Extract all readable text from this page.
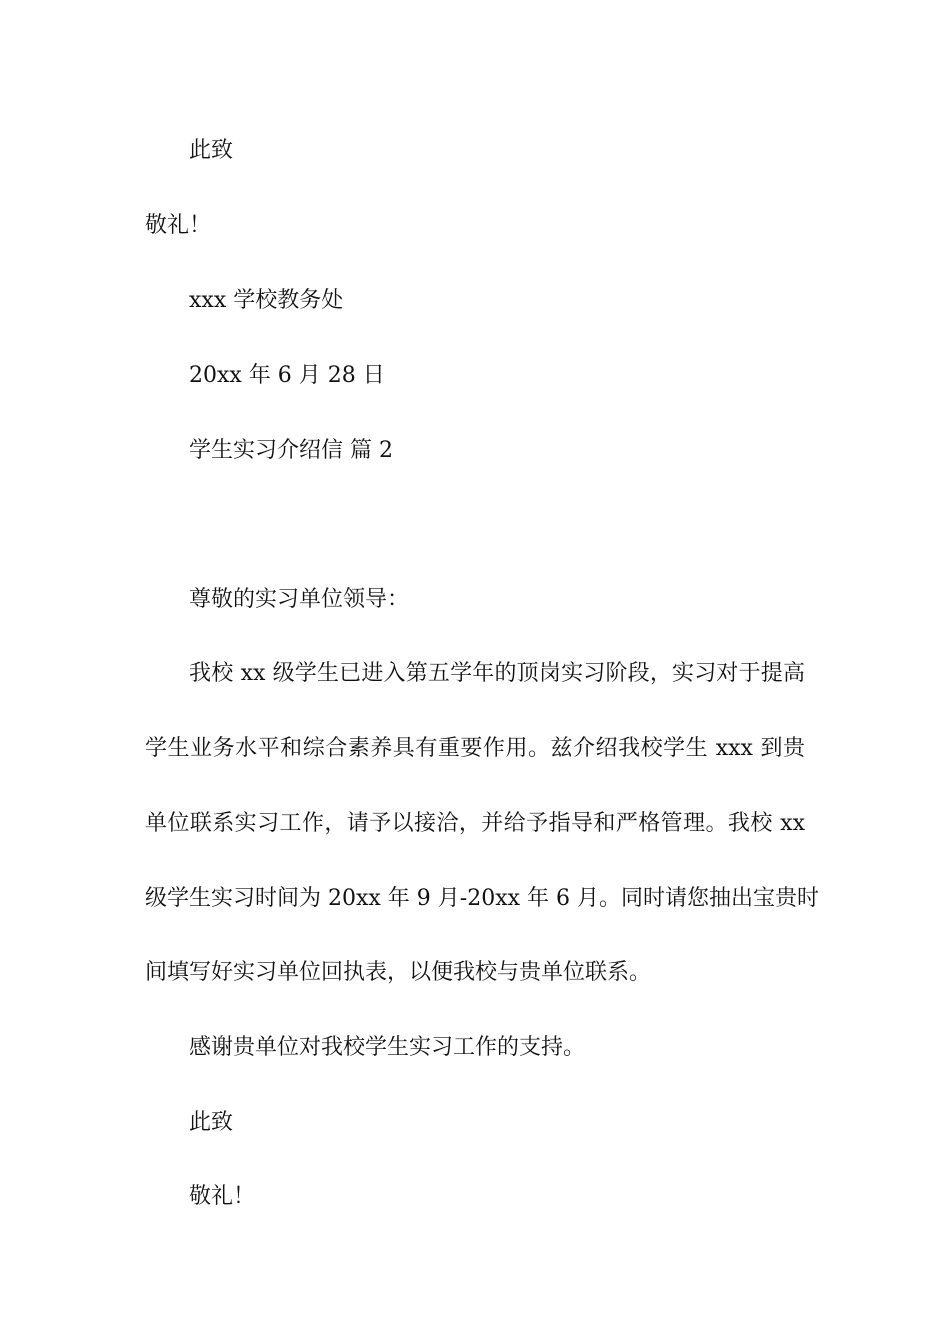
此致
敬礼！
xxx 学校教务处
20xx 年 6 月 28 日
学生实习介绍信 篇 2
尊敬的实习单位领导：
我校 xx 级学生已进入第五学年的顶岗实习阶段，实习对于提高
学生业务水平和综合素养具有重要作用。兹介绍我校学生 xxx 到贵
单位联系实习工作，请予以接洽，并给予指导和严格管理。我校 xx
级学生实习时间为 20xx 年 9 月-20xx 年 6 月。同时请您抽出宝贵时
间填写好实习单位回执表，以便我校与贵单位联系。
感谢贵单位对我校学生实习工作的支持。
此致
敬礼！
